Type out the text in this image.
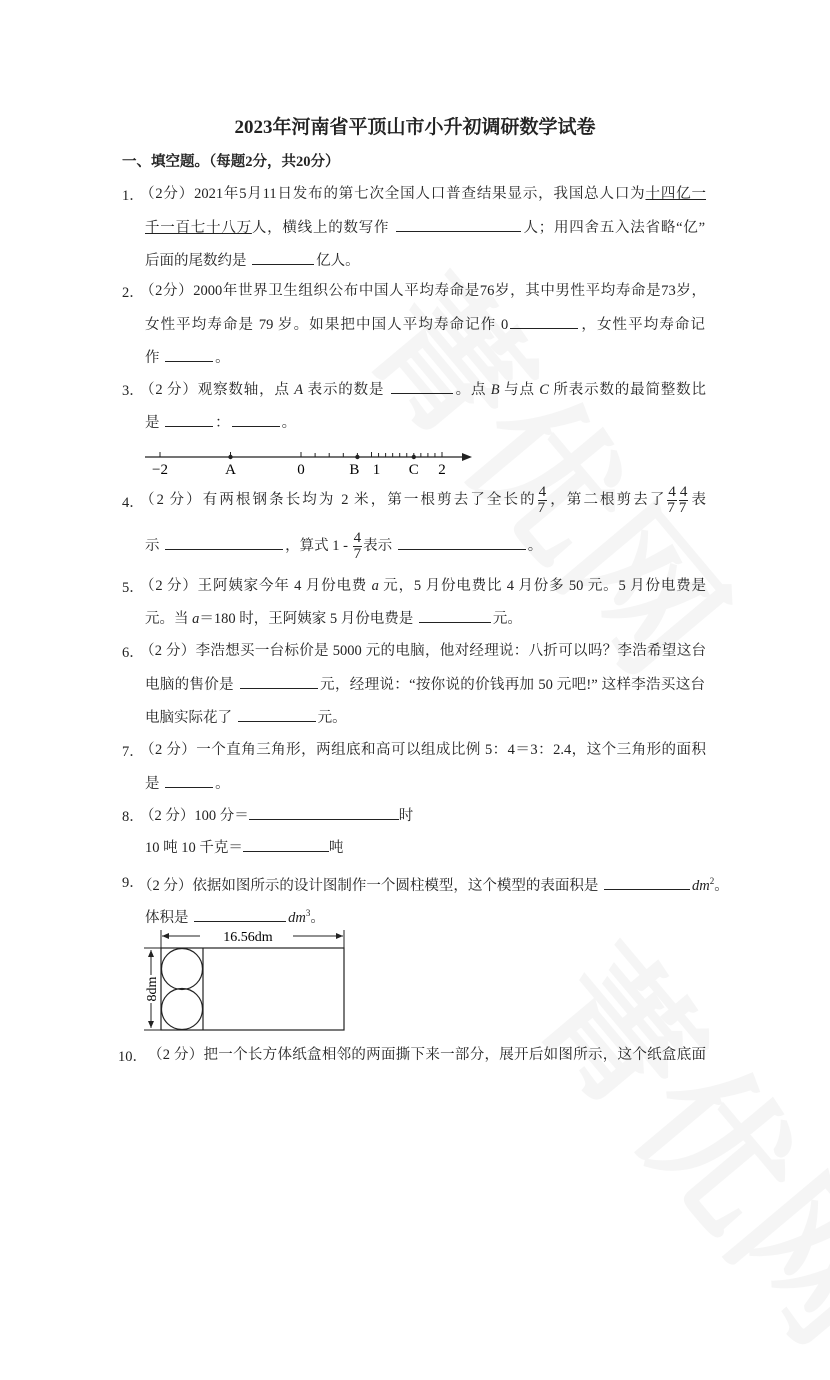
2023年河南省平顶山市小升初调研数学试卷
一、填空题。（每题2分，共20分）
1．
（2分）2021年5月11日发布的第七次全国人口普查结果显示，我国总人口为十四亿一
千一百七十八万人，横线上的数写作	人；用四舍五入法省略“亿”
后面的尾数约是	亿人。
2．
（2分）2000年世界卫生组织公布中国人平均寿命是76岁，其中男性平均寿命是73岁，
女性平均寿命是 79 岁。如果把中国人平均寿命记作 0	，女性平均寿命记
作	。
3．
（2 分）观察数轴，点 A 表示的数是	。点 B 与点 C 所表示数的最简整数比
是	：	。
−2	A	0	B 1 C 2
4．
（2 分）有两根钢条长均为 2 米，第一根剪去了全长的 $\frac{4}{7}$ ，第二根剪去了 $\frac{4}{7} \frac{4}{7}$ 表
示	，算式 $1 - \frac{4}{7}$ 表示	。
5．
（2 分）王阿姨家今年 4 月份电费 a 元，5 月份电费比 4 月份多 50 元。5 月份电费是
元。当 a＝180 时，王阿姨家 5 月份电费是	元。
6．
（2 分）李浩想买一台标价是 5000 元的电脑，他对经理说：八折可以吗？李浩希望这台
电脑的售价是	元，经理说：“按你说的价钱再加 50 元吧!” 这样李浩买这台
电脑实际花了	元。
7．
（2 分）一个直角三角形，两组底和高可以组成比例 5：4＝3：2.4，这个三角形的面积
是	。
8．
（2 分）100 分＝	时
10 吨 10 千克＝	吨
9．
（2 分）依据如图所示的设计图制作一个圆柱模型，这个模型的表面积是	$dm^2$。
体积是	$dm^3$。
16.56dm
8dm
10． （2 分）把一个长方体纸盒相邻的两面撕下来一部分，展开后如图所示，这个纸盒底面
